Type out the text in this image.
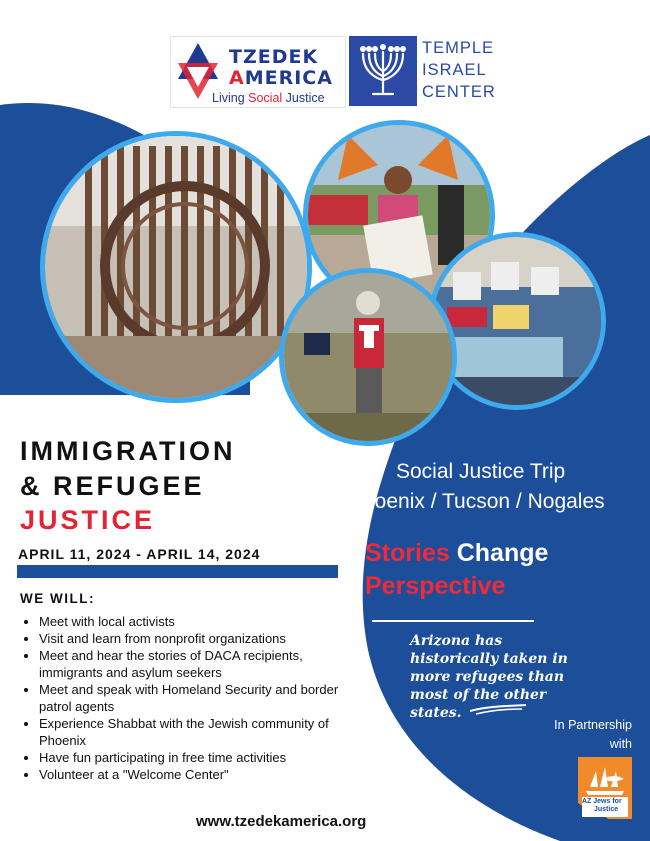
TZEDEK
AMERICA
Living Social Justice
TEMPLE
ISRAEL
CENTER
IMMIGRATION
& REFUGEE
JUSTICE
APRIL 11, 2024 - APRIL 14, 2024
WE WILL:
• Meet with local activists
• Visit and learn from nonprofit organizations
• Meet and hear the stories of DACA recipients, immigrants and asylum seekers
• Meet and speak with Homeland Security and border patrol agents
• Experience Shabbat with the Jewish community of Phoenix
• Have fun participating in free time activities
• Volunteer at a "Welcome Center"
www.tzedekamerica.org
Social Justice Trip
Phoenix / Tucson / Nogales
Stories Change
Perspective
Arizona has historically taken in more refugees than most of the other states.
In Partnership
with
AZ Jews for
Justice
